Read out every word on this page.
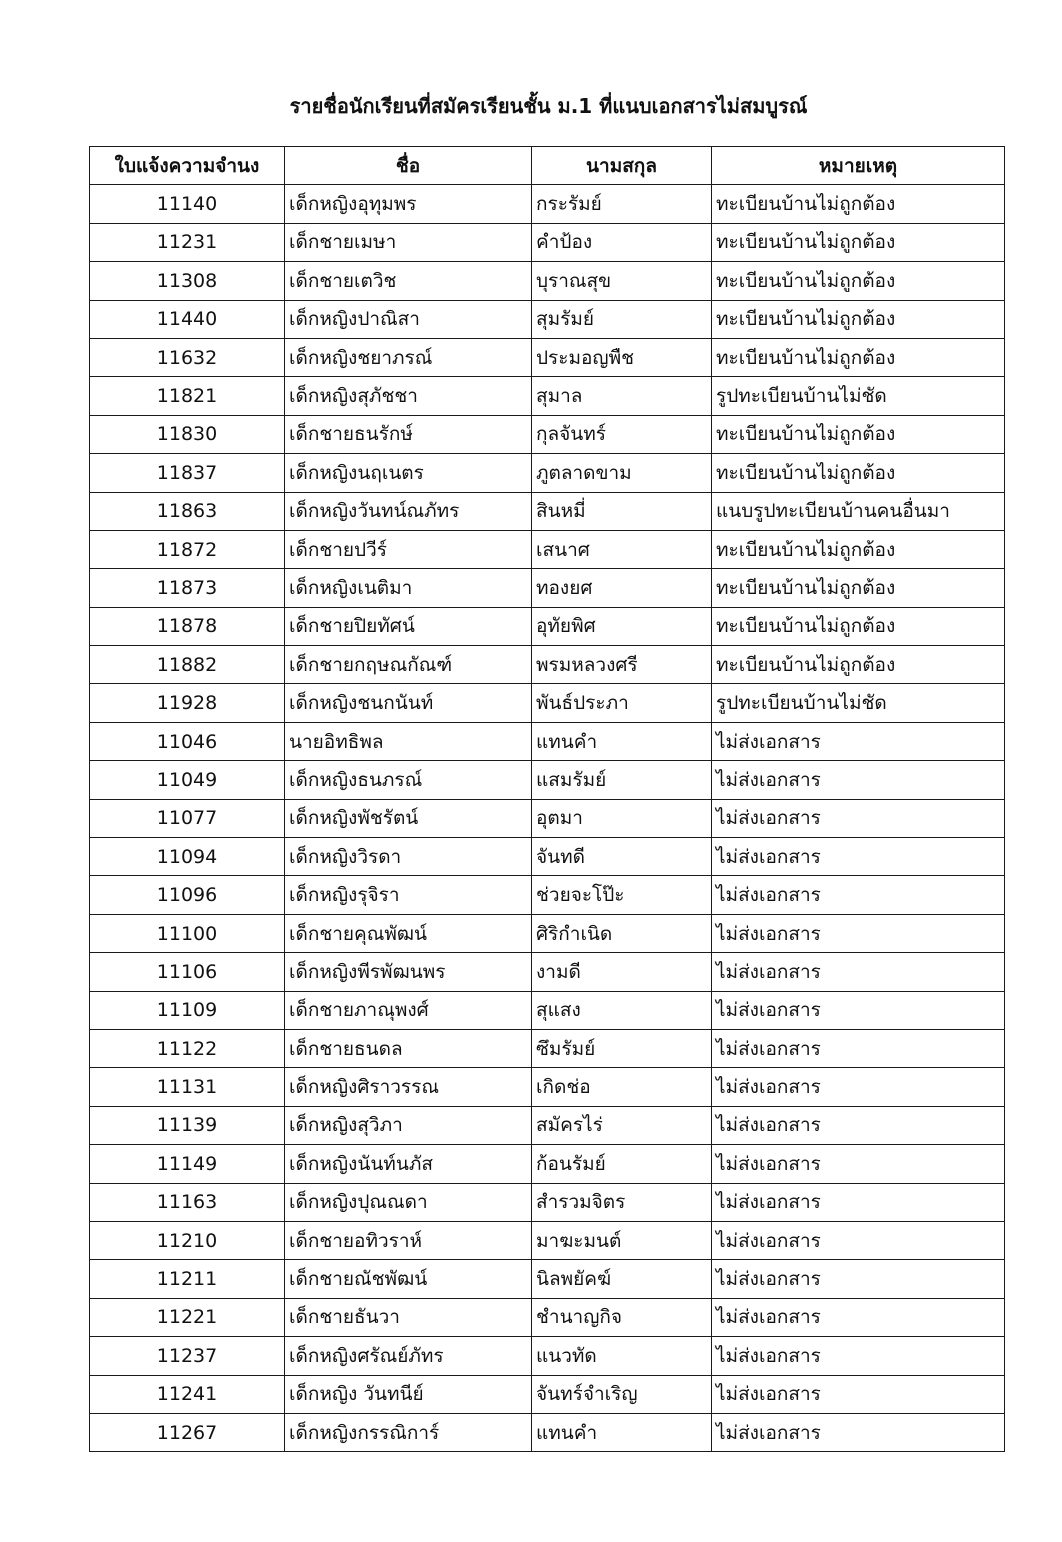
รายชื่อนักเรียนที่สมัครเรียนชั้น ม.1 ที่แนบเอกสารไม่สมบูรณ์
ใบแจ้งความจำนง	ชื่อ	นามสกุล	หมายเหตุ
11140	เด็กหญิงอุทุมพร	กระรัมย์	ทะเบียนบ้านไม่ถูกต้อง
11231	เด็กชายเมษา	คำป้อง	ทะเบียนบ้านไม่ถูกต้อง
11308	เด็กชายเตวิช	บุราณสุข	ทะเบียนบ้านไม่ถูกต้อง
11440	เด็กหญิงปาณิสา	สุมรัมย์	ทะเบียนบ้านไม่ถูกต้อง
11632	เด็กหญิงชยาภรณ์	ประมอญพืช	ทะเบียนบ้านไม่ถูกต้อง
11821	เด็กหญิงสุภัชชา	สุมาล	รูปทะเบียนบ้านไม่ชัด
11830	เด็กชายธนรักษ์	กุลจันทร์	ทะเบียนบ้านไม่ถูกต้อง
11837	เด็กหญิงนฤเนตร	ภูตลาดขาม	ทะเบียนบ้านไม่ถูกต้อง
11863	เด็กหญิงวันทน์ณภัทร	สินหมี่	แนบรูปทะเบียนบ้านคนอื่นมา
11872	เด็กชายปวีร์	เสนาศ	ทะเบียนบ้านไม่ถูกต้อง
11873	เด็กหญิงเนติมา	ทองยศ	ทะเบียนบ้านไม่ถูกต้อง
11878	เด็กชายปิยทัศน์	อุทัยพิศ	ทะเบียนบ้านไม่ถูกต้อง
11882	เด็กชายกฤษณกัณฑ์	พรมหลวงศรี	ทะเบียนบ้านไม่ถูกต้อง
11928	เด็กหญิงชนกนันท์	พันธ์ประภา	รูปทะเบียนบ้านไม่ชัด
11046	นายอิทธิพล	แทนคำ	ไม่ส่งเอกสาร
11049	เด็กหญิงธนภรณ์	แสมรัมย์	ไม่ส่งเอกสาร
11077	เด็กหญิงพัชรัตน์	อุตมา	ไม่ส่งเอกสาร
11094	เด็กหญิงวิรดา	จันทดี	ไม่ส่งเอกสาร
11096	เด็กหญิงรุจิรา	ช่วยจะโป๊ะ	ไม่ส่งเอกสาร
11100	เด็กชายคุณพัฒน์	ศิริกำเนิด	ไม่ส่งเอกสาร
11106	เด็กหญิงพีรพัฒนพร	งามดี	ไม่ส่งเอกสาร
11109	เด็กชายภาณุพงศ์	สุแสง	ไม่ส่งเอกสาร
11122	เด็กชายธนดล	ซึมรัมย์	ไม่ส่งเอกสาร
11131	เด็กหญิงศิราวรรณ	เกิดช่อ	ไม่ส่งเอกสาร
11139	เด็กหญิงสุวิภา	สมัครไร่	ไม่ส่งเอกสาร
11149	เด็กหญิงนันท์นภัส	ก้อนรัมย์	ไม่ส่งเอกสาร
11163	เด็กหญิงปุณณดา	สำรวมจิตร	ไม่ส่งเอกสาร
11210	เด็กชายอทิวราห์	มาฆะมนต์	ไม่ส่งเอกสาร
11211	เด็กชายณัชพัฒน์	นิลพยัคฆ์	ไม่ส่งเอกสาร
11221	เด็กชายธันวา	ชำนาญกิจ	ไม่ส่งเอกสาร
11237	เด็กหญิงศรัณย์ภัทร	แนวทัด	ไม่ส่งเอกสาร
11241	เด็กหญิง วันทนีย์	จันทร์จำเริญ	ไม่ส่งเอกสาร
11267	เด็กหญิงกรรณิการ์	แทนคำ	ไม่ส่งเอกสาร
